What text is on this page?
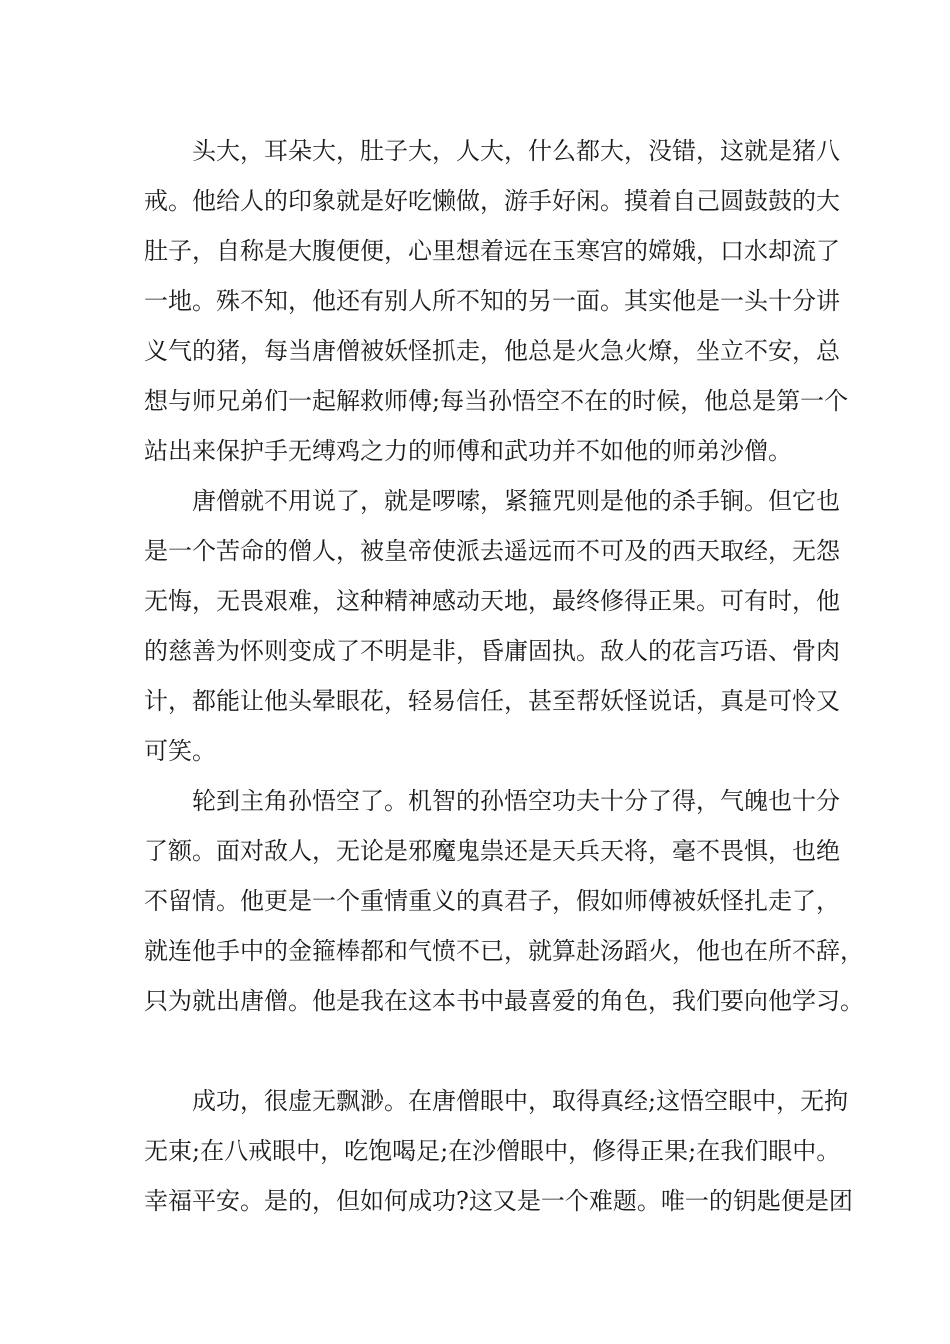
头大，耳朵大，肚子大，人大，什么都大，没错，这就是猪八
戒。他给人的印象就是好吃懒做，游手好闲。摸着自己圆鼓鼓的大
肚子，自称是大腹便便，心里想着远在玉寒宫的嫦娥，口水却流了
一地。殊不知，他还有别人所不知的另一面。其实他是一头十分讲
义气的猪，每当唐僧被妖怪抓走，他总是火急火燎，坐立不安，总
想与师兄弟们一起解救师傅;每当孙悟空不在的时候，他总是第一个
站出来保护手无缚鸡之力的师傅和武功并不如他的师弟沙僧。
唐僧就不用说了，就是啰嗦，紧箍咒则是他的杀手锏。但它也
是一个苦命的僧人，被皇帝使派去遥远而不可及的西天取经，无怨
无悔，无畏艰难，这种精神感动天地，最终修得正果。可有时，他
的慈善为怀则变成了不明是非，昏庸固执。敌人的花言巧语、骨肉
计，都能让他头晕眼花，轻易信任，甚至帮妖怪说话，真是可怜又
可笑。
轮到主角孙悟空了。机智的孙悟空功夫十分了得，气魄也十分
了额。面对敌人，无论是邪魔鬼祟还是天兵天将，毫不畏惧，也绝
不留情。他更是一个重情重义的真君子，假如师傅被妖怪扎走了，
就连他手中的金箍棒都和气愤不已，就算赴汤蹈火，他也在所不辞，
只为就出唐僧。他是我在这本书中最喜爱的角色，我们要向他学习。
成功，很虚无飘渺。在唐僧眼中，取得真经;这悟空眼中，无拘
无束;在八戒眼中，吃饱喝足;在沙僧眼中，修得正果;在我们眼中。
幸福平安。是的，但如何成功?这又是一个难题。唯一的钥匙便是团
